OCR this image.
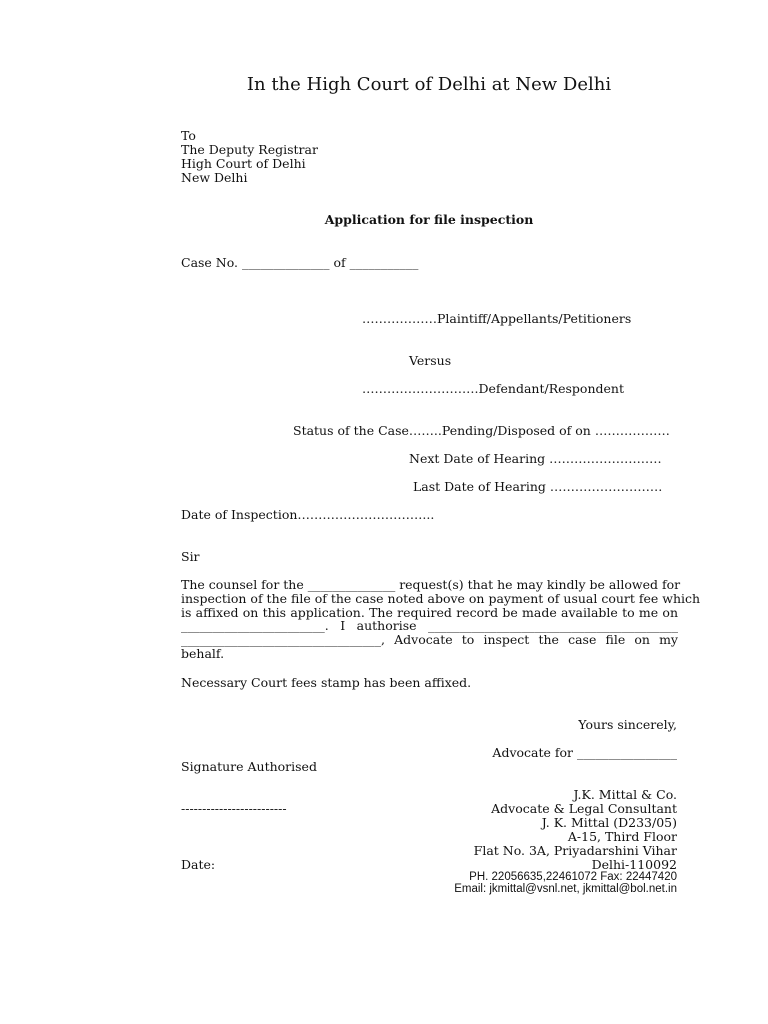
In the High Court of Delhi at New Delhi
To
The Deputy Registrar
High Court of Delhi
New Delhi
Application for file inspection
Case No. ______________ of ___________
………………Plaintiff/Appellants/Petitioners
Versus
……………………….Defendant/Respondent
Status of the Case……..Pending/Disposed of on ………………
Next Date of Hearing ………………………
Last Date of Hearing ………………………
Date of Inspection…………………………...
Sir
The counsel for the ______________ request(s) that he may kindly be allowed for
inspection of the file of the case noted above on payment of usual court fee which
is affixed on this application. The required record be made available to me on
_______________________. I authorise ________________________________________
________________________________, Advocate to inspect the case file on my
behalf.
Necessary Court fees stamp has been affixed.
Yours sincerely,
Advocate for ________________
Signature Authorised
J.K. Mittal & Co.
-------------------------	Advocate & Legal Consultant
J. K. Mittal (D233/05)
A-15, Third Floor
Flat No. 3A, Priyadarshini Vihar
Date:	Delhi-110092
PH. 22056635,22461072 Fax: 22447420
Email: jkmittal@vsnl.net, jkmittal@bol.net.in
